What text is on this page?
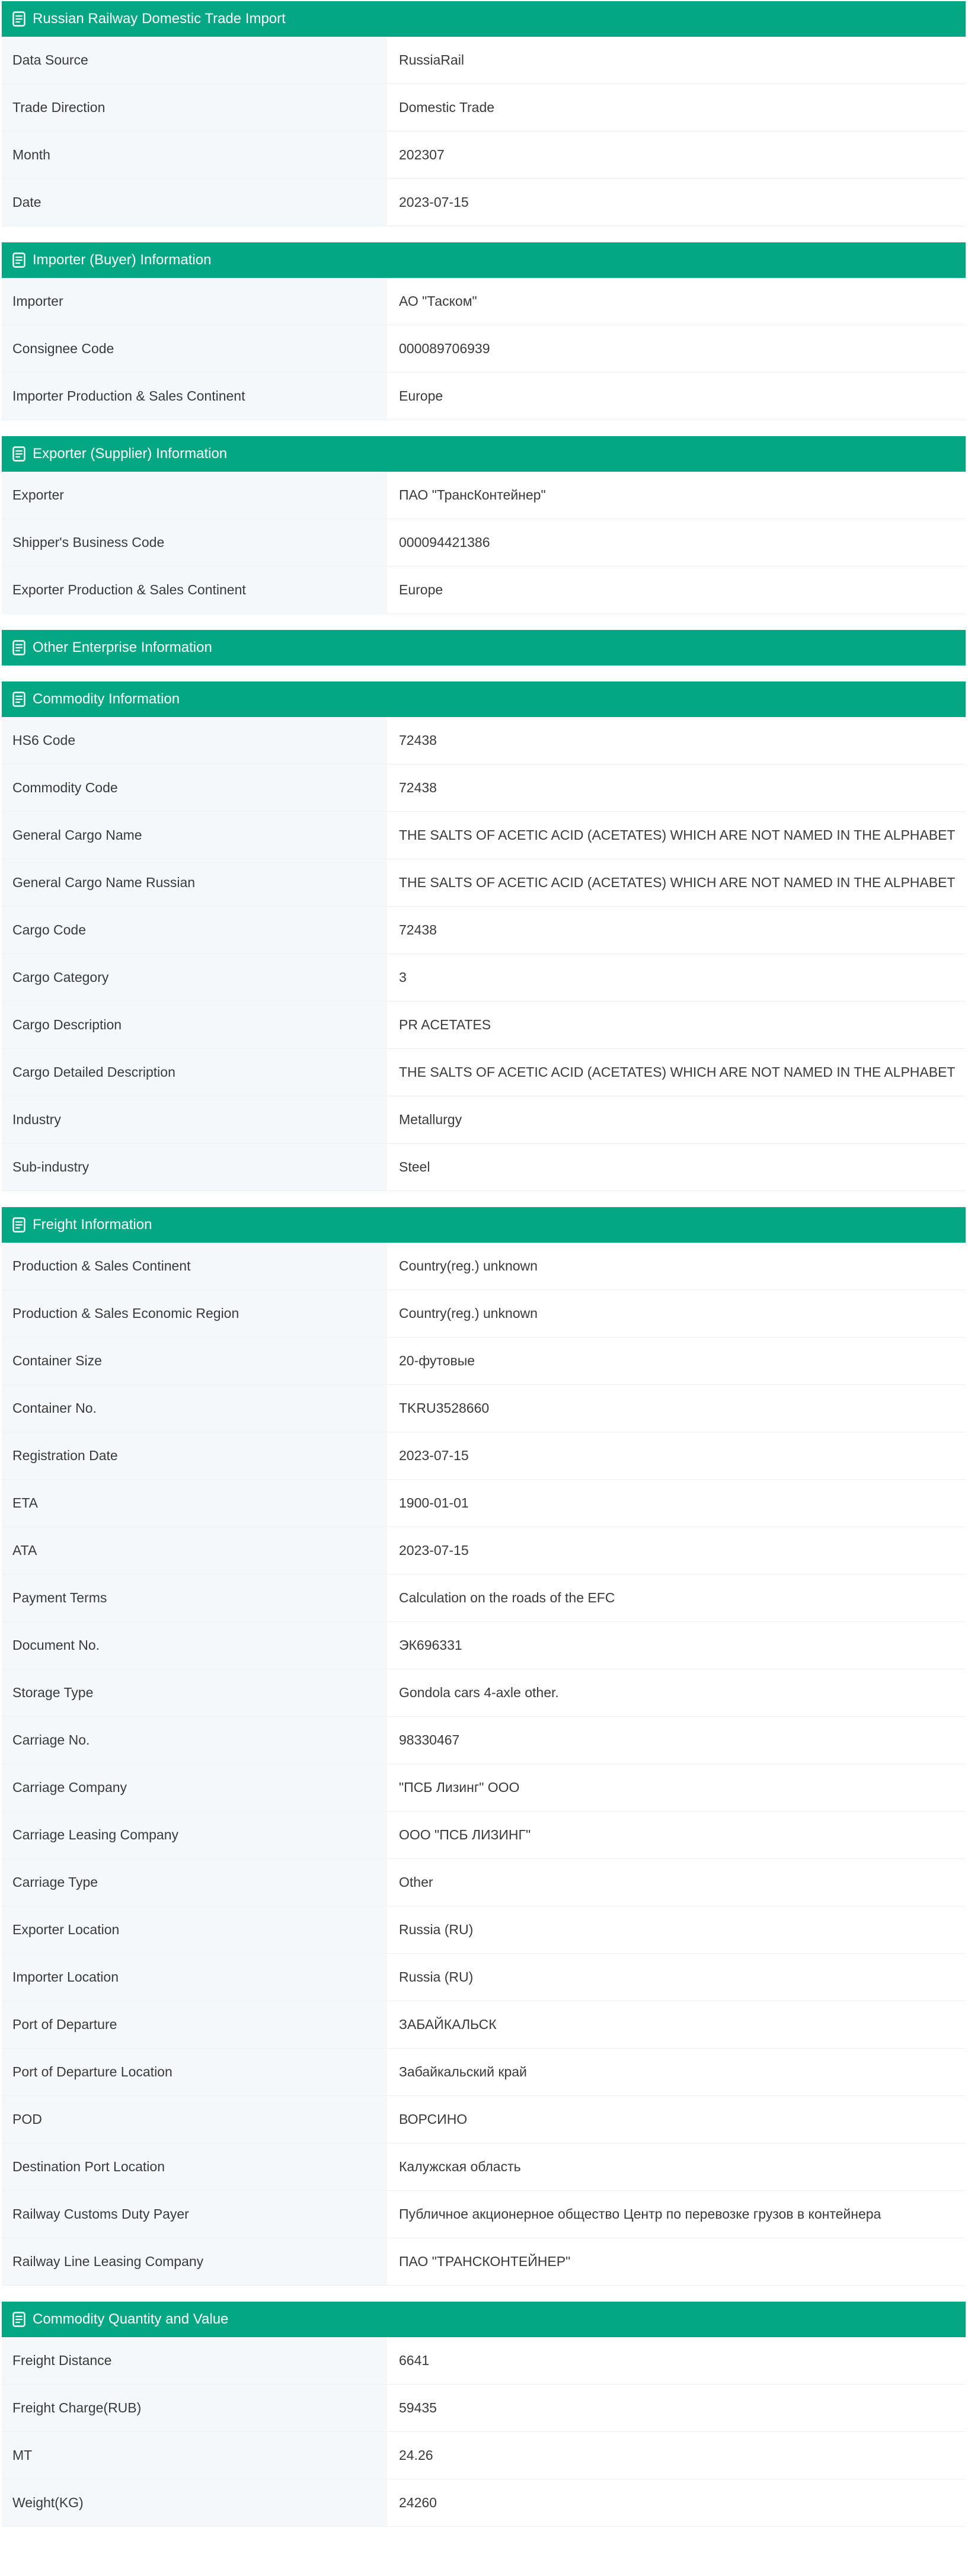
Russian Railway Domestic Trade Import
Data Source	RussiaRail
Trade Direction	Domestic Trade
Month	202307
Date	2023-07-15
Importer (Buyer) Information
Importer	АО "Таском"
Consignee Code	000089706939
Importer Production & Sales Continent	Europe
Exporter (Supplier) Information
Exporter	ПАО "ТрансКонтейнер"
Shipper's Business Code	000094421386
Exporter Production & Sales Continent	Europe
Other Enterprise Information
Commodity Information
HS6 Code	72438
Commodity Code	72438
General Cargo Name	THE SALTS OF ACETIC ACID (ACETATES) WHICH ARE NOT NAMED IN THE ALPHABET
General Cargo Name Russian	THE SALTS OF ACETIC ACID (ACETATES) WHICH ARE NOT NAMED IN THE ALPHABET
Cargo Code	72438
Cargo Category	3
Cargo Description	PR ACETATES
Cargo Detailed Description	THE SALTS OF ACETIC ACID (ACETATES) WHICH ARE NOT NAMED IN THE ALPHABET
Industry	Metallurgy
Sub-industry	Steel
Freight Information
Production & Sales Continent	Country(reg.) unknown
Production & Sales Economic Region	Country(reg.) unknown
Container Size	20-футовые
Container No.	TKRU3528660
Registration Date	2023-07-15
ETA	1900-01-01
ATA	2023-07-15
Payment Terms	Calculation on the roads of the EFC
Document No.	ЭК696331
Storage Type	Gondola cars 4-axle other.
Carriage No.	98330467
Carriage Company	"ПСБ Лизинг" ООО
Carriage Leasing Company	ООО "ПСБ ЛИЗИНГ"
Carriage Type	Other
Exporter Location	Russia (RU)
Importer Location	Russia (RU)
Port of Departure	ЗАБАЙКАЛЬСК
Port of Departure Location	Забайкальский край
POD	ВОРСИНО
Destination Port Location	Калужская область
Railway Customs Duty Payer	Публичное акционерное общество Центр по перевозке грузов в контейнера
Railway Line Leasing Company	ПАО "ТРАНСКОНТЕЙНЕР"
Commodity Quantity and Value
Freight Distance	6641
Freight Charge(RUB)	59435
MT	24.26
Weight(KG)	24260
